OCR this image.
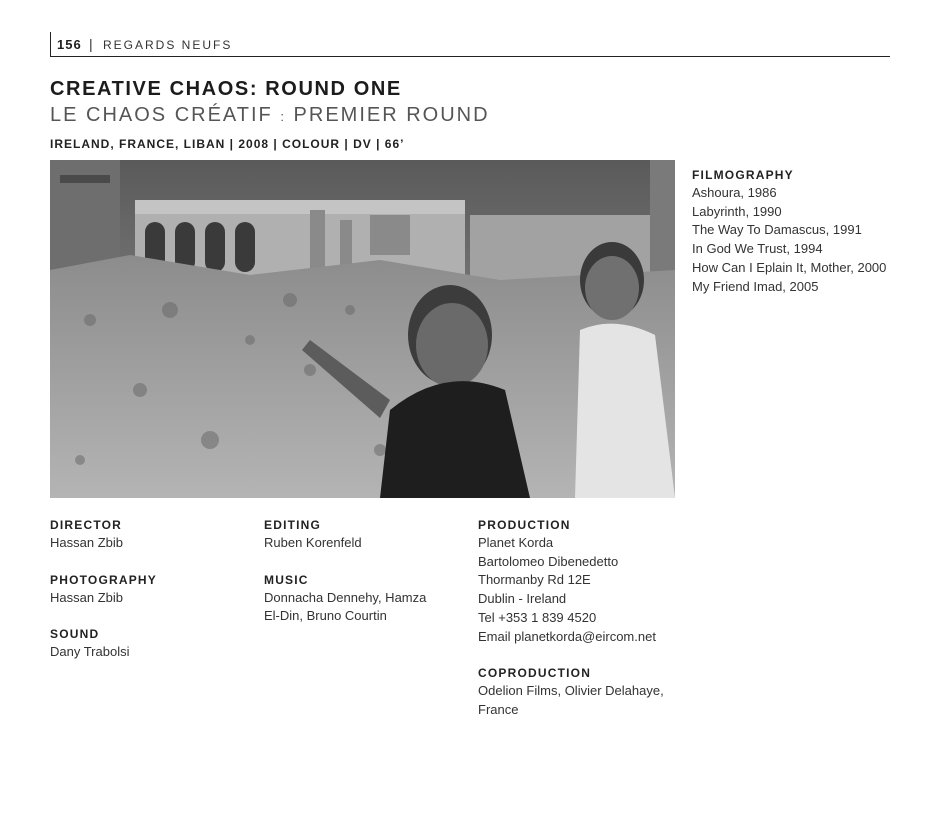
156 | REGARDS NEUFS
CREATIVE CHAOS: ROUND ONE
LE CHAOS CRÉATIF : PREMIER ROUND
IRELAND, FRANCE, LIBAN | 2008 | COLOUR | DV | 66’
FILMOGRAPHY
Ashoura, 1986
Labyrinth, 1990
The Way To Damascus, 1991
In God We Trust, 1994
How Can I Eplain It, Mother, 2000
My Friend Imad, 2005
DIRECTOR
Hassan Zbib
PHOTOGRAPHY
Hassan Zbib
SOUND
Dany Trabolsi
EDITING
Ruben Korenfeld
MUSIC
Donnacha Dennehy, Hamza
El-Din, Bruno Courtin
PRODUCTION
Planet Korda
Bartolomeo Dibenedetto
Thormanby Rd 12E
Dublin - Ireland
Tel +353 1 839 4520
Email planetkorda@eircom.net
COPRODUCTION
Odelion Films, Olivier Delahaye,
France
